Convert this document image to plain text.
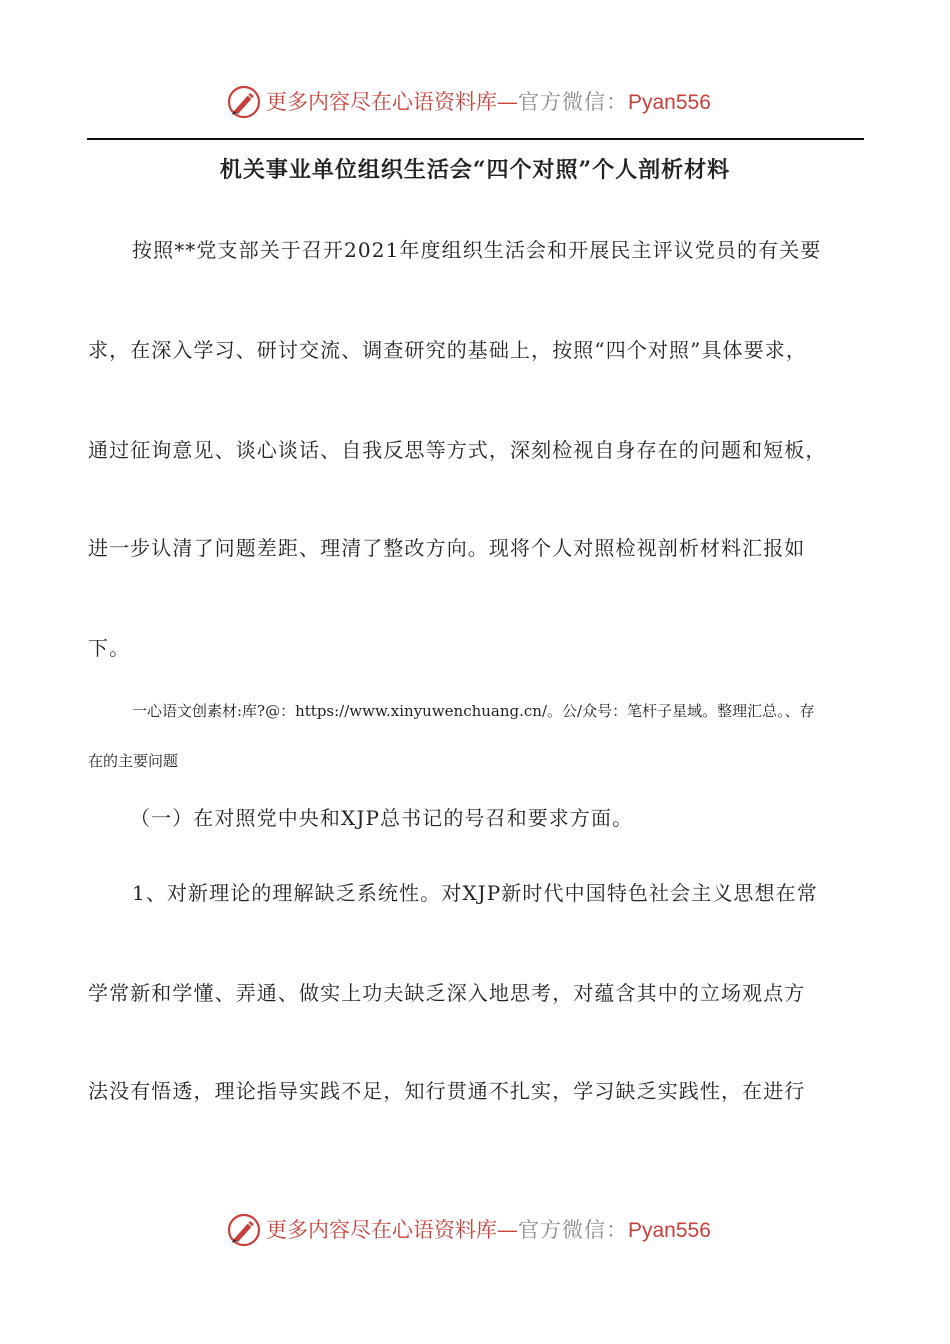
更多内容尽在心语资料库—官方微信：Pyan556
机关事业单位组织生活会“四个对照”个人剖析材料
按照**党支部关于召开2021年度组织生活会和开展民主评议党员的有关要
求，在深入学习、研讨交流、调查研究的基础上，按照“四个对照”具体要求，
通过征询意见、谈心谈话、自我反思等方式，深刻检视自身存在的问题和短板，
进一步认清了问题差距、理清了整改方向。现将个人对照检视剖析材料汇报如
下。
一心语文创素材:库?@：https://www.xinyuwenchuang.cn/。公/众号：笔杆子星域。整理汇总。、存
在的主要问题
（一）在对照党中央和XJP总书记的号召和要求方面。
1、对新理论的理解缺乏系统性。对XJP新时代中国特色社会主义思想在常
学常新和学懂、弄通、做实上功夫缺乏深入地思考，对蕴含其中的立场观点方
法没有悟透，理论指导实践不足，知行贯通不扎实，学习缺乏实践性，在进行
更多内容尽在心语资料库—官方微信：Pyan556
